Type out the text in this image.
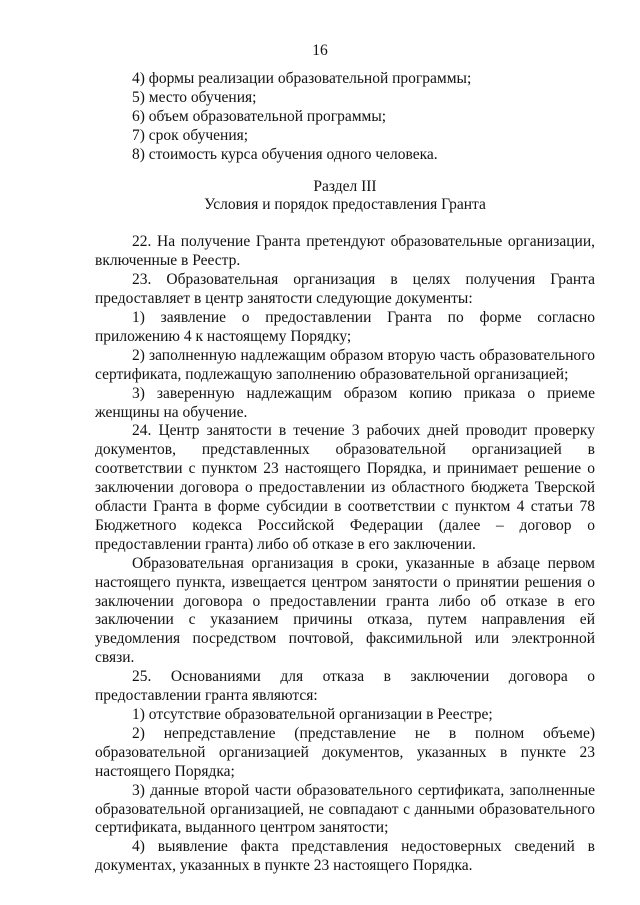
16

4) формы реализации образовательной программы;

5) место обучения;

6) объем образовательной программы;

7) срок обучения;

8) стоимость курса обучения одного человека.

Раздел III

Условия и порядок предоставления Гранта

22. На получение Гранта претендуют образовательные организации, включенные в Реестр.

23. Образовательная организация в целях получения Гранта предоставляет в центр занятости следующие документы:

1) заявление о предоставлении Гранта по форме согласно приложению 4 к настоящему Порядку;

2) заполненную надлежащим образом вторую часть образовательного сертификата, подлежащую заполнению образовательной организацией;

3) заверенную надлежащим образом копию приказа о приеме женщины на обучение.

24. Центр занятости в течение 3 рабочих дней проводит проверку документов, представленных образовательной организацией в соответствии с пунктом 23 настоящего Порядка, и принимает решение о заключении договора о предоставлении из областного бюджета Тверской области Гранта в форме субсидии в соответствии с пунктом 4 статьи 78 Бюджетного кодекса Российской Федерации (далее – договор о предоставлении гранта) либо об отказе в его заключении.

Образовательная организация в сроки, указанные в абзаце первом настоящего пункта, извещается центром занятости о принятии решения о заключении договора о предоставлении гранта либо об отказе в его заключении с указанием причины отказа, путем направления ей уведомления посредством почтовой, факсимильной или электронной связи.

25. Основаниями для отказа в заключении договора о предоставлении гранта являются:

1) отсутствие образовательной организации в Реестре;

2) непредставление (представление не в полном объеме) образовательной организацией документов, указанных в пункте 23 настоящего Порядка;

3) данные второй части образовательного сертификата, заполненные образовательной организацией, не совпадают с данными образовательного сертификата, выданного центром занятости;

4) выявление факта представления недостоверных сведений в документах, указанных в пункте 23 настоящего Порядка.
